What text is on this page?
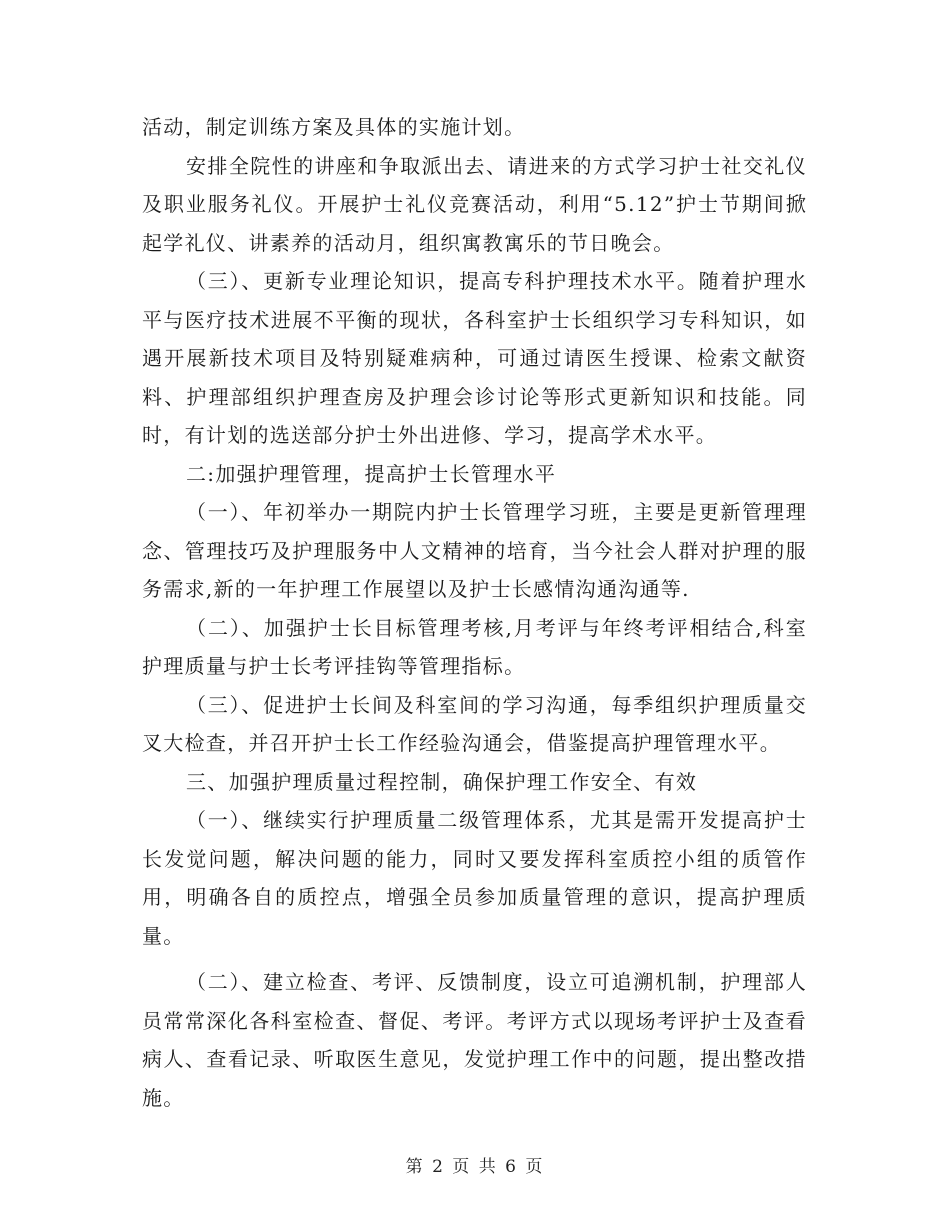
活动，制定训练方案及具体的实施计划。

安排全院性的讲座和争取派出去、请进来的方式学习护士社交礼仪及职业服务礼仪。开展护士礼仪竞赛活动，利用“5.12”护士节期间掀起学礼仪、讲素养的活动月，组织寓教寓乐的节日晚会。

（三）、更新专业理论知识，提高专科护理技术水平。随着护理水平与医疗技术进展不平衡的现状，各科室护士长组织学习专科知识，如遇开展新技术项目及特别疑难病种，可通过请医生授课、检索文献资料、护理部组织护理查房及护理会诊讨论等形式更新知识和技能。同时，有计划的选送部分护士外出进修、学习，提高学术水平。

二:加强护理管理，提高护士长管理水平

（一）、年初举办一期院内护士长管理学习班，主要是更新管理理念、管理技巧及护理服务中人文精神的培育，当今社会人群对护理的服务需求,新的一年护理工作展望以及护士长感情沟通沟通等.

（二）、加强护士长目标管理考核,月考评与年终考评相结合,科室护理质量与护士长考评挂钩等管理指标。

（三）、促进护士长间及科室间的学习沟通，每季组织护理质量交叉大检查，并召开护士长工作经验沟通会，借鉴提高护理管理水平。

三、加强护理质量过程控制，确保护理工作安全、有效

（一）、继续实行护理质量二级管理体系，尤其是需开发提高护士长发觉问题，解决问题的能力，同时又要发挥科室质控小组的质管作用，明确各自的质控点，增强全员参加质量管理的意识，提高护理质量。

（二）、建立检查、考评、反馈制度，设立可追溯机制，护理部人员常常深化各科室检查、督促、考评。考评方式以现场考评护士及查看病人、查看记录、听取医生意见，发觉护理工作中的问题，提出整改措施。

第 2 页 共 6 页
